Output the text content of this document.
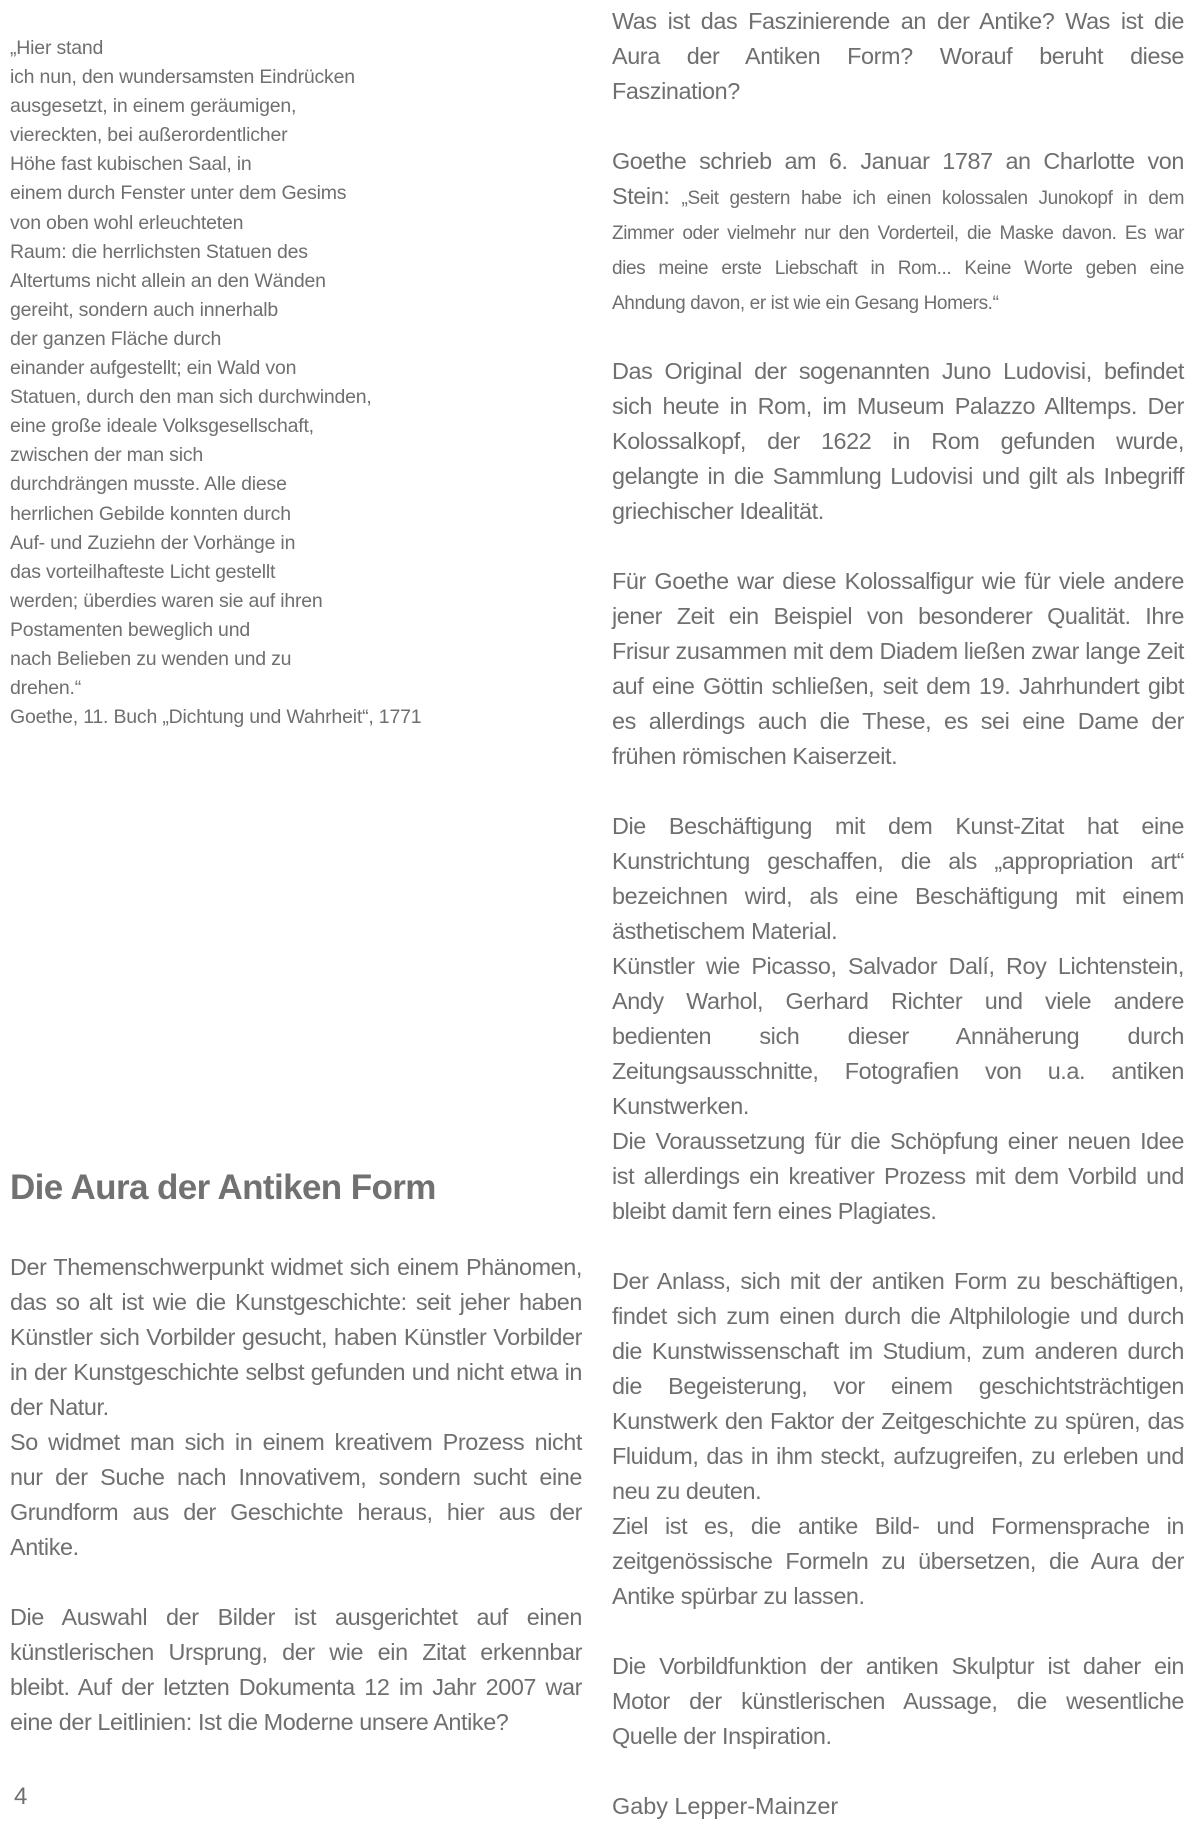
„Hier stand
ich nun, den wundersamsten Eindrücken
ausgesetzt, in einem geräumigen,
viereckten, bei außerordentlicher
Höhe fast kubischen Saal, in
einem durch Fenster unter dem Gesims
von oben wohl erleuchteten
Raum: die herrlichsten Statuen des
Altertums nicht allein an den Wänden
gereiht, sondern auch innerhalb
der ganzen Fläche durch
einander aufgestellt; ein Wald von
Statuen, durch den man sich durchwinden,
eine große ideale Volksgesellschaft,
zwischen der man sich
durchdrängen musste. Alle diese
herrlichen Gebilde konnten durch
Auf- und Zuziehn der Vorhänge in
das vorteilhafteste Licht gestellt
werden; überdies waren sie auf ihren
Postamenten beweglich und
nach Belieben zu wenden und zu
drehen.“

Goethe, 11. Buch „Dichtung und Wahrheit“, 1771

Die Aura der Antiken Form

Der Themenschwerpunkt widmet sich einem Phänomen, das so alt ist wie die Kunstgeschichte: seit jeher haben Künstler sich Vorbilder gesucht, haben Künstler Vorbilder in der Kunstgeschichte selbst gefunden und nicht etwa in der Natur.

So widmet man sich in einem kreativem Prozess nicht nur der Suche nach Innovativem, sondern sucht eine Grundform aus der Geschichte heraus, hier aus der Antike.

Die Auswahl der Bilder ist ausgerichtet auf einen künstlerischen Ursprung, der wie ein Zitat erkennbar bleibt. Auf der letzten Dokumenta 12 im Jahr 2007 war eine der Leitlinien: Ist die Moderne unsere Antike?

4

Was ist das Faszinierende an der Antike? Was ist die Aura der Antiken Form? Worauf beruht diese Faszination?

Goethe schrieb am 6. Januar 1787 an Charlotte von Stein: „Seit gestern habe ich einen kolossalen Junokopf in dem Zimmer oder vielmehr nur den Vorderteil, die Maske davon. Es war dies meine erste Liebschaft in Rom... Keine Worte geben eine Ahndung davon, er ist wie ein Gesang Homers.“

Das Original der sogenannten Juno Ludovisi, befindet sich heute in Rom, im Museum Palazzo Alltemps. Der Kolossalkopf, der 1622 in Rom gefunden wurde, gelangte in die Sammlung Ludovisi und gilt als Inbegriff griechischer Idealität.

Für Goethe war diese Kolossalfigur wie für viele andere jener Zeit ein Beispiel von besonderer Qualität. Ihre Frisur zusammen mit dem Diadem ließen zwar lange Zeit auf eine Göttin schließen, seit dem 19. Jahrhundert gibt es allerdings auch die These, es sei eine Dame der frühen römischen Kaiserzeit.

Die Beschäftigung mit dem Kunst-Zitat hat eine Kunstrichtung geschaffen, die als „appropriation art“ bezeichnen wird, als eine Beschäftigung mit einem ästhetischem Material.
Künstler wie Picasso, Salvador Dalí, Roy Lichtenstein, Andy Warhol, Gerhard Richter und viele andere bedienten sich dieser Annäherung durch Zeitungsausschnitte, Fotografien von u.a. antiken Kunstwerken.
Die Voraussetzung für die Schöpfung einer neuen Idee ist allerdings ein kreativer Prozess mit dem Vorbild und bleibt damit fern eines Plagiates.

Der Anlass, sich mit der antiken Form zu beschäftigen, findet sich zum einen durch die Altphilologie und durch die Kunstwissenschaft im Studium, zum anderen durch die Begeisterung, vor einem geschichtsträchtigen Kunstwerk den Faktor der Zeitgeschichte zu spüren, das Fluidum, das in ihm steckt, aufzugreifen, zu erleben und neu zu deuten.
Ziel ist es, die antike Bild- und Formensprache in zeitgenössische Formeln zu übersetzen, die Aura der Antike spürbar zu lassen.

Die Vorbildfunktion der antiken Skulptur ist daher ein Motor der künstlerischen Aussage, die wesentliche Quelle der Inspiration.

Gaby Lepper-Mainzer
